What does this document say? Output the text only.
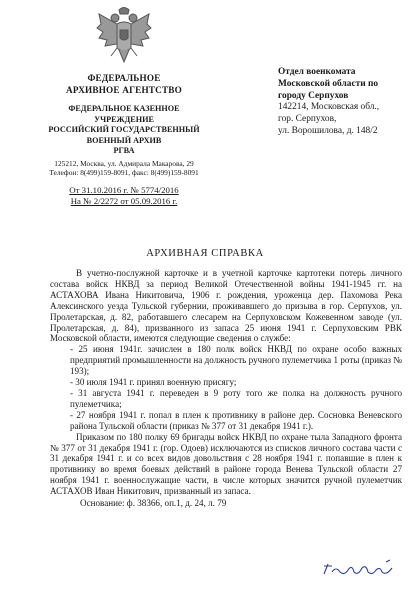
ФЕДЕРАЛЬНОЕ
АРХИВНОЕ АГЕНТСТВО
ФЕДЕРАЛЬНОЕ КАЗЕННОЕ УЧРЕЖДЕНИЕ
РОССИЙСКИЙ ГОСУДАРСТВЕННЫЙ
ВОЕННЫЙ АРХИВ
РГВА
125212, Москва, ул. Адмирала Макарова, 29
Телефон: 8(499)159-8091, факс: 8(499)159-8091
От 31.10.2016 г. № 5774/2016
На № 2/2272 от 05.09.2016 г.
Отдел военкомата
Московской области по
городу Серпухов
142214, Московская обл.,
гор. Серпухов,
ул. Ворошилова, д. 148/2
АРХИВНАЯ СПРАВКА

В учетно-послужной карточке и в учетной карточке картотеки потерь личного состава войск НКВД за период Великой Отечественной войны 1941-1945 гг. на АСТАХОВА Ивана Никитовича, 1906 г. рождения, уроженца дер. Пахомова Река Алексинского уезда Тульской губернии, проживавшего до призыва в гор. Серпухов, ул. Пролетарская, д. 82, работавшего слесарем на Серпуховском Кожевенном заводе (ул. Пролетарская, д. 84), призванного из запаса 25 июня 1941 г. Серпуховским РВК Московской области, имеются следующие сведения о службе:

- 25 июня 1941г. зачислен в 180 полк войск НКВД по охране особо важных предприятий промышленности на должность ручного пулеметчика 1 роты (приказ № 193);

- 30 июля 1941 г. принял военную присягу;

- 31 августа 1941 г. переведен в 9 роту того же полка на должность ручного пулеметчика;

- 27 ноября 1941 г. попал в плен к противнику в районе дер. Сосновка Веневского района Тульской области (приказ № 377 от 31 декабря 1941 г.).

Приказом по 180 полку 69 бригады войск НКВД по охране тыла Западного фронта № 377 от 31 декабря 1941 г. (гор. Одоев) исключаются из списков личного состава части с 31 декабря 1941 г. и со всех видов довольствия с 28 ноября 1941 г. попавшие в плен к противнику во время боевых действий в районе города Венева Тульской области 27 ноября 1941 г. военнослужащие части, в числе которых значится ручной пулеметчик АСТАХОВ Иван Никитович, призванный из запаса.

Основание: ф. 38366, оп.1, д. 24, л. 79
